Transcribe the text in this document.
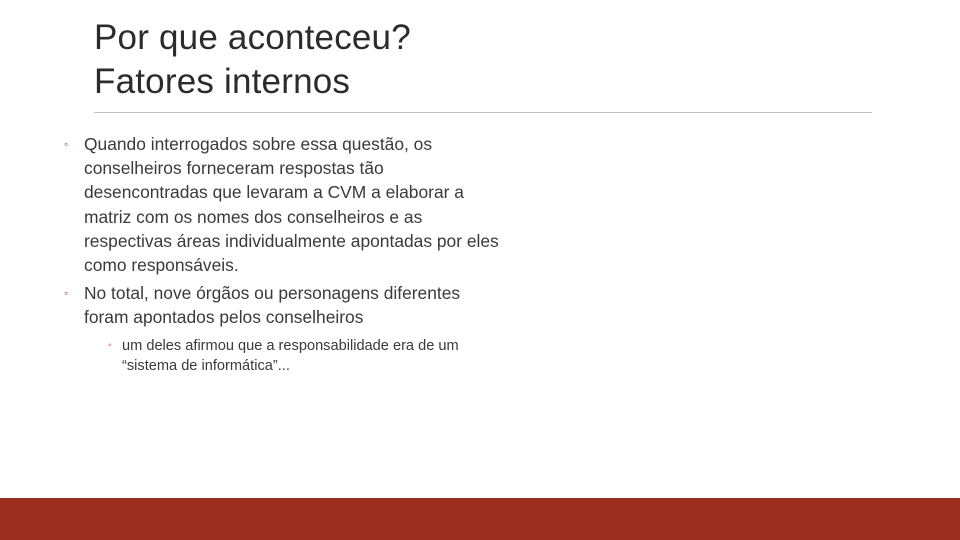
Por que aconteceu?
Fatores internos
◦ Quando interrogados sobre essa questão, os conselheiros forneceram respostas tão desencontradas que levaram a CVM a elaborar a matriz com os nomes dos conselheiros e as respectivas áreas individualmente apontadas por eles como responsáveis.
◦ No total, nove órgãos ou personagens diferentes foram apontados pelos conselheiros
◦ um deles afirmou que a responsabilidade era de um “sistema de informática”...
